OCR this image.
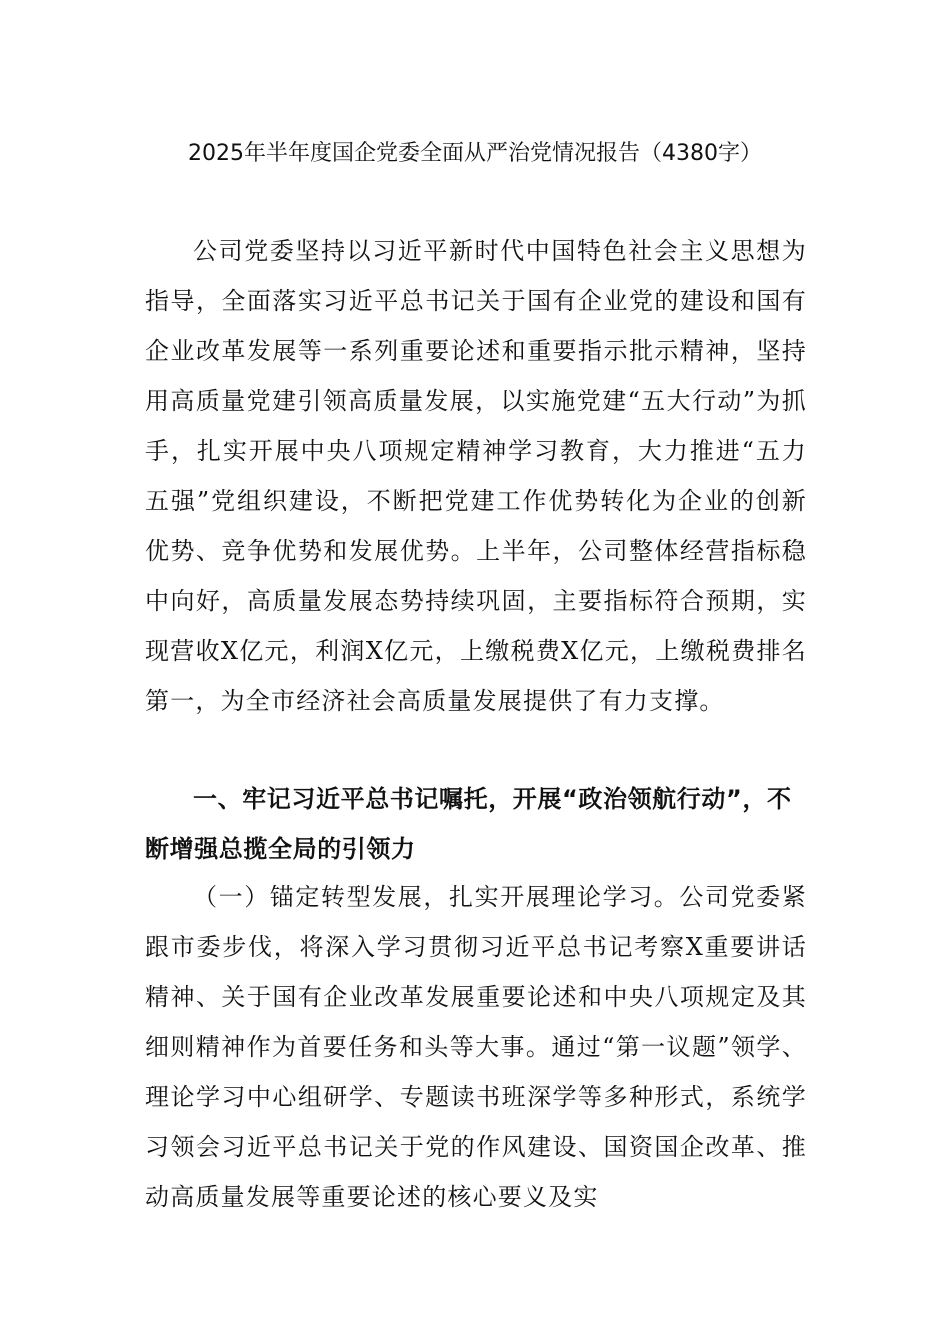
2025年半年度国企党委全面从严治党情况报告（4380字）

公司党委坚持以习近平新时代中国特色社会主义思想为指导，全面落实习近平总书记关于国有企业党的建设和国有企业改革发展等一系列重要论述和重要指示批示精神，坚持用高质量党建引领高质量发展，以实施党建“五大行动”为抓手，扎实开展中央八项规定精神学习教育，大力推进“五力五强”党组织建设，不断把党建工作优势转化为企业的创新优势、竞争优势和发展优势。上半年，公司整体经营指标稳中向好，高质量发展态势持续巩固，主要指标符合预期，实现营收X亿元，利润X亿元，上缴税费X亿元，上缴税费排名第一，为全市经济社会高质量发展提供了有力支撑。

一、牢记习近平总书记嘱托，开展“政治领航行动”，不断增强总揽全局的引领力

（一）锚定转型发展，扎实开展理论学习。公司党委紧跟市委步伐，将深入学习贯彻习近平总书记考察X重要讲话精神、关于国有企业改革发展重要论述和中央八项规定及其细则精神作为首要任务和头等大事。通过“第一议题”领学、理论学习中心组研学、专题读书班深学等多种形式，系统学习领会习近平总书记关于党的作风建设、国资国企改革、推动高质量发展等重要论述的核心要义及实
